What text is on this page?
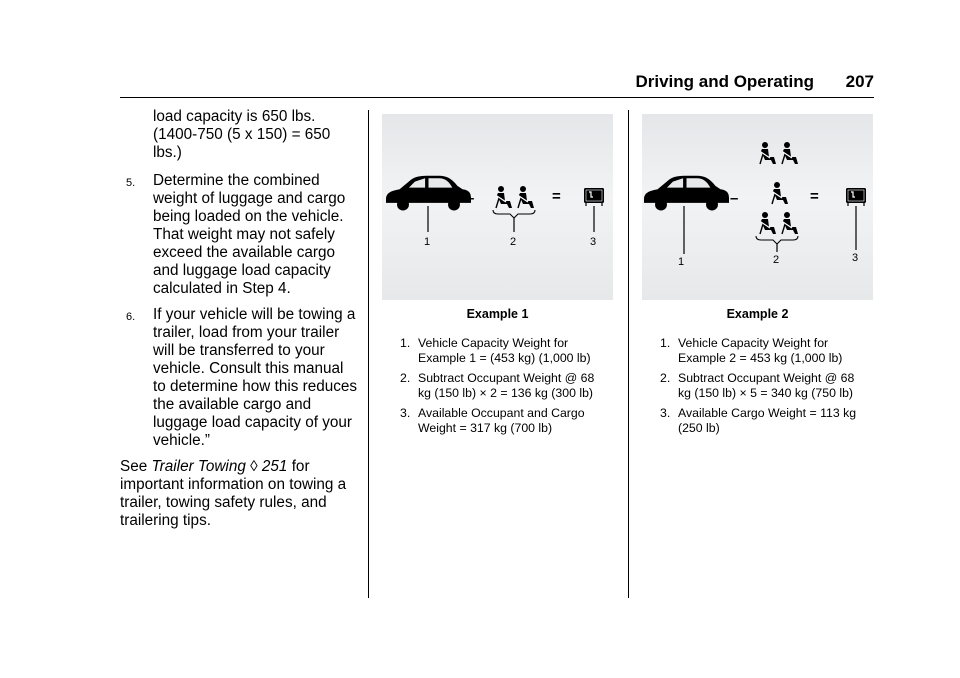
Driving and Operating 207

load capacity is 650 lbs. (1400-750 (5 x 150) = 650 lbs.)

5. Determine the combined weight of luggage and cargo being loaded on the vehicle. That weight may not safely exceed the available cargo and luggage load capacity calculated in Step 4.
6. If your vehicle will be towing a trailer, load from your trailer will be transferred to your vehicle. Consult this manual to determine how this reduces the available cargo and luggage load capacity of your vehicle.”

See Trailer Towing ◊ 251 for important information on towing a trailer, towing safety rules, and trailering tips.

–	=
1	2	3
Example 1
1. Vehicle Capacity Weight for Example 1 = (453 kg) (1,000 lb)
2. Subtract Occupant Weight @ 68 kg (150 lb) × 2 = 136 kg (300 lb)
3. Available Occupant and Cargo Weight = 317 kg (700 lb)
–	=
1	2	3
Example 2
1. Vehicle Capacity Weight for Example 2 = 453 kg (1,000 lb)
2. Subtract Occupant Weight @ 68 kg (150 lb) × 5 = 340 kg (750 lb)
3. Available Cargo Weight = 113 kg (250 lb)
